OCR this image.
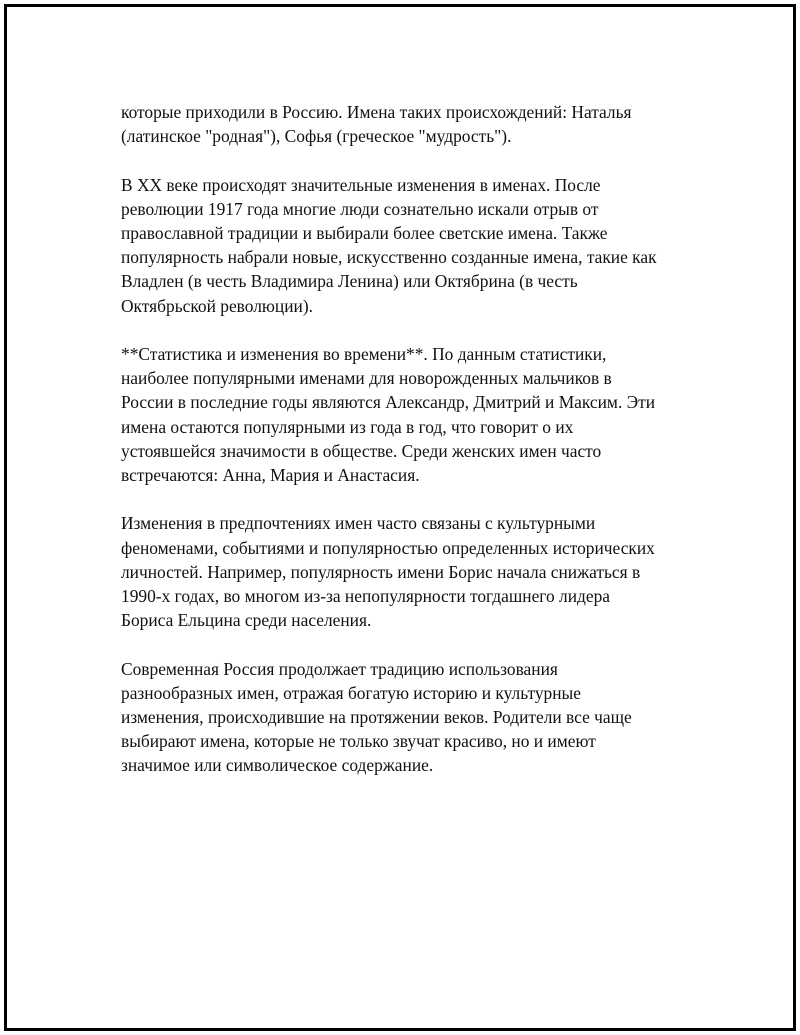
которые приходили в Россию. Имена таких происхождений: Наталья
(латинское "родная"), Софья (греческое "мудрость").

В XX веке происходят значительные изменения в именах. После
революции 1917 года многие люди сознательно искали отрыв от
православной традиции и выбирали более светские имена. Также
популярность набрали новые, искусственно созданные имена, такие как
Владлен (в честь Владимира Ленина) или Октябрина (в честь
Октябрьской революции).

**Статистика и изменения во времени**. По данным статистики,
наиболее популярными именами для новорожденных мальчиков в
России в последние годы являются Александр, Дмитрий и Максим. Эти
имена остаются популярными из года в год, что говорит о их
устоявшейся значимости в обществе. Среди женских имен часто
встречаются: Анна, Мария и Анастасия.

Изменения в предпочтениях имен часто связаны с культурными
феноменами, событиями и популярностью определенных исторических
личностей. Например, популярность имени Борис начала снижаться в
1990-х годах, во многом из-за непопулярности тогдашнего лидера
Бориса Ельцина среди населения.

Современная Россия продолжает традицию использования
разнообразных имен, отражая богатую историю и культурные
изменения, происходившие на протяжении веков. Родители все чаще
выбирают имена, которые не только звучат красиво, но и имеют
значимое или символическое содержание.
